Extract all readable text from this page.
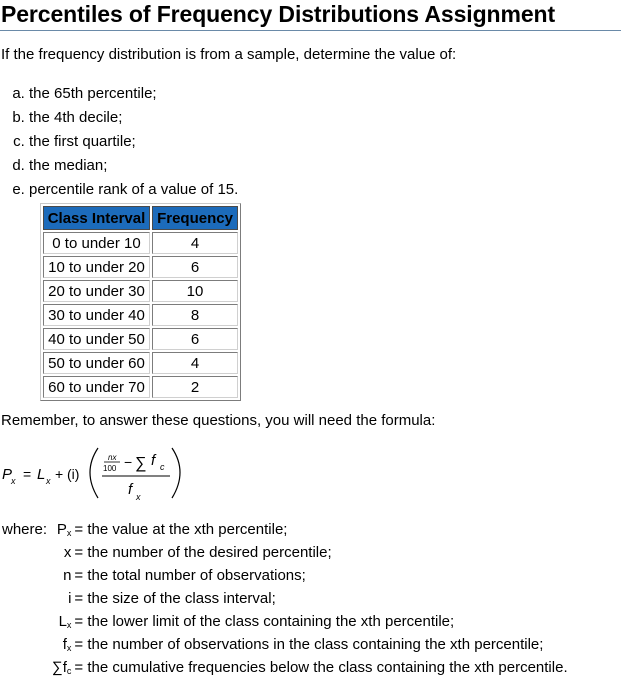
Percentiles of Frequency Distributions Assignment
If the frequency distribution is from a sample, determine the value of:
a. the 65th percentile;
b. the 4th decile;
c. the first quartile;
d. the median;
e. percentile rank of a value of 15.
Class Interval	Frequency
0 to under 10	4
10 to under 20	6
20 to under 30	10
30 to under 40	8
40 to under 50	6
50 to under 60	4
60 to under 70	2
Remember, to answer these questions, you will need the formula:
P
x = L x + (i)
nx
100 − ∑ f c
f x
where:	Px	= the value at the xth percentile;
	x	= the number of the desired percentile;
	n	= the total number of observations;
	i	= the size of the class interval;
	Lx	= the lower limit of the class containing the xth percentile;
	fx	= the number of observations in the class containing the xth percentile;
	∑fc	= the cumulative frequencies below the class containing the xth percentile.
